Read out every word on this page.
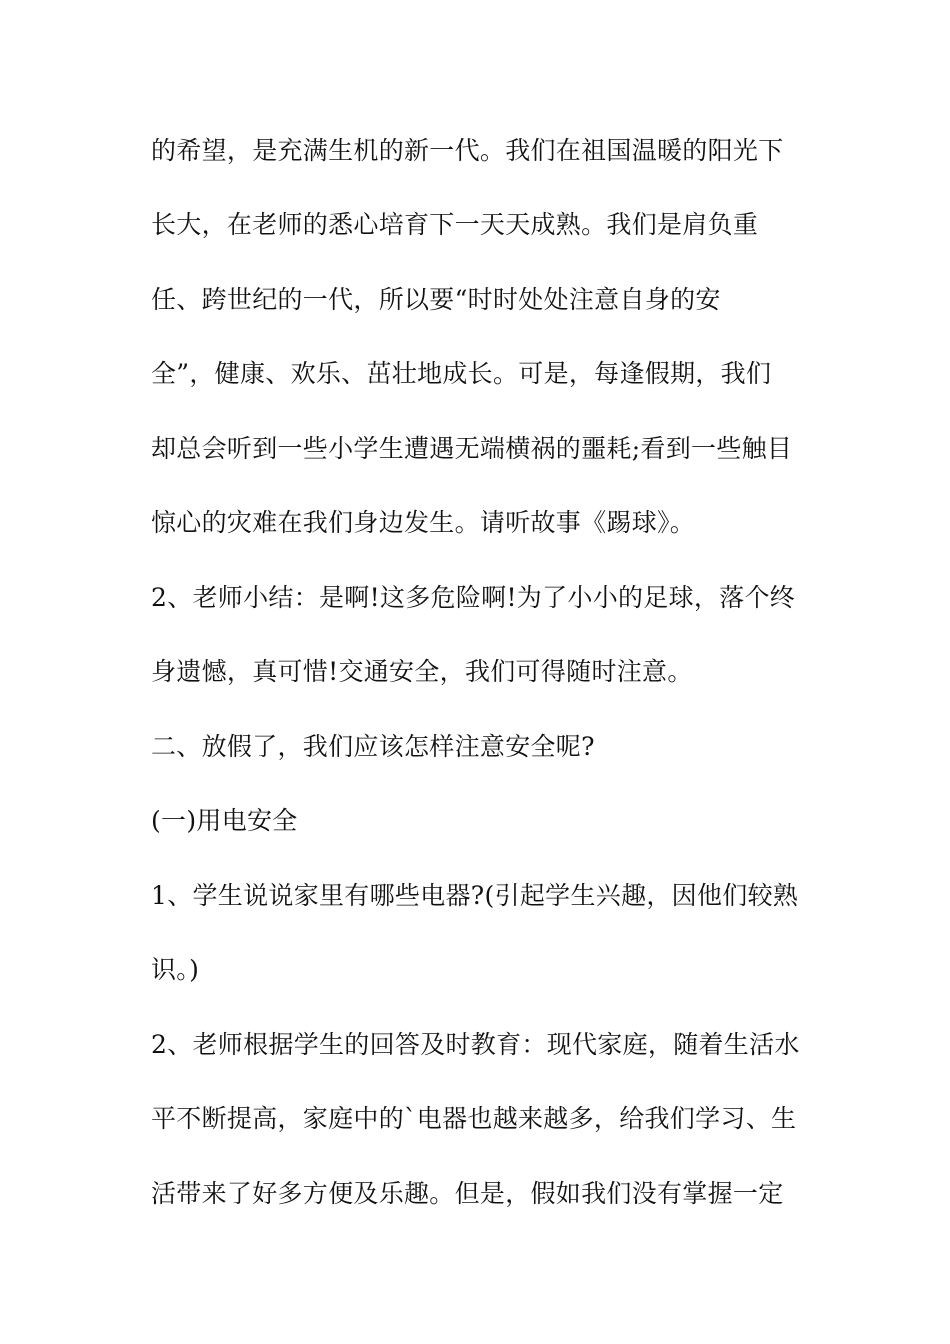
的希望，是充满生机的新一代。我们在祖国温暖的阳光下
长大，在老师的悉心培育下一天天成熟。我们是肩负重
任、跨世纪的一代，所以要“时时处处注意自身的安
全”，健康、欢乐、茁壮地成长。可是，每逢假期，我们
却总会听到一些小学生遭遇无端横祸的噩耗;看到一些触目
惊心的灾难在我们身边发生。请听故事《踢球》。
2、老师小结：是啊!这多危险啊!为了小小的足球，落个终
身遗憾，真可惜!交通安全，我们可得随时注意。
二、放假了，我们应该怎样注意安全呢?
(一)用电安全
1、学生说说家里有哪些电器?(引起学生兴趣，因他们较熟
识。)
2、老师根据学生的回答及时教育：现代家庭，随着生活水
平不断提高，家庭中的`电器也越来越多，给我们学习、生
活带来了好多方便及乐趣。但是，假如我们没有掌握一定
